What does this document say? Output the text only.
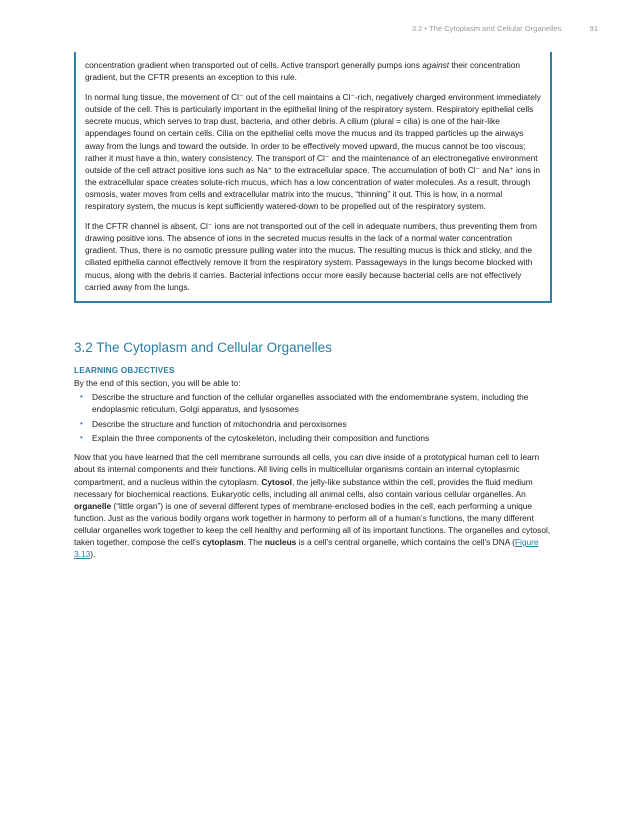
3.2 • The Cytoplasm and Cellular Organelles	91

concentration gradient when transported out of cells. Active transport generally pumps ions against their concentration gradient, but the CFTR presents an exception to this rule.

In normal lung tissue, the movement of Cl⁻ out of the cell maintains a Cl⁻-rich, negatively charged environment immediately outside of the cell. This is particularly important in the epithelial lining of the respiratory system. Respiratory epithelial cells secrete mucus, which serves to trap dust, bacteria, and other debris. A cilium (plural = cilia) is one of the hair-like appendages found on certain cells. Cilia on the epithelial cells move the mucus and its trapped particles up the airways away from the lungs and toward the outside. In order to be effectively moved upward, the mucus cannot be too viscous; rather it must have a thin, watery consistency. The transport of Cl⁻ and the maintenance of an electronegative environment outside of the cell attract positive ions such as Na⁺ to the extracellular space. The accumulation of both Cl⁻ and Na⁺ ions in the extracellular space creates solute-rich mucus, which has a low concentration of water molecules. As a result, through osmosis, water moves from cells and extracellular matrix into the mucus, “thinning” it out. This is how, in a normal respiratory system, the mucus is kept sufficiently watered-down to be propelled out of the respiratory system.

If the CFTR channel is absent, Cl⁻ ions are not transported out of the cell in adequate numbers, thus preventing them from drawing positive ions. The absence of ions in the secreted mucus results in the lack of a normal water concentration gradient. Thus, there is no osmotic pressure pulling water into the mucus. The resulting mucus is thick and sticky, and the ciliated epithelia cannot effectively remove it from the respiratory system. Passageways in the lungs become blocked with mucus, along with the debris it carries. Bacterial infections occur more easily because bacterial cells are not effectively carried away from the lungs.

3.2 The Cytoplasm and Cellular Organelles
LEARNING OBJECTIVES
By the end of this section, you will be able to:
• Describe the structure and function of the cellular organelles associated with the endomembrane system, including the endoplasmic reticulum, Golgi apparatus, and lysosomes
• Describe the structure and function of mitochondria and peroxisomes
• Explain the three components of the cytoskeleton, including their composition and functions

Now that you have learned that the cell membrane surrounds all cells, you can dive inside of a prototypical human cell to learn about its internal components and their functions. All living cells in multicellular organisms contain an internal cytoplasmic compartment, and a nucleus within the cytoplasm. Cytosol, the jelly-like substance within the cell, provides the fluid medium necessary for biochemical reactions. Eukaryotic cells, including all animal cells, also contain various cellular organelles. An organelle (“little organ”) is one of several different types of membrane-enclosed bodies in the cell, each performing a unique function. Just as the various bodily organs work together in harmony to perform all of a human’s functions, the many different cellular organelles work together to keep the cell healthy and performing all of its important functions. The organelles and cytosol, taken together, compose the cell’s cytoplasm. The nucleus is a cell’s central organelle, which contains the cell’s DNA (Figure 3.13).
